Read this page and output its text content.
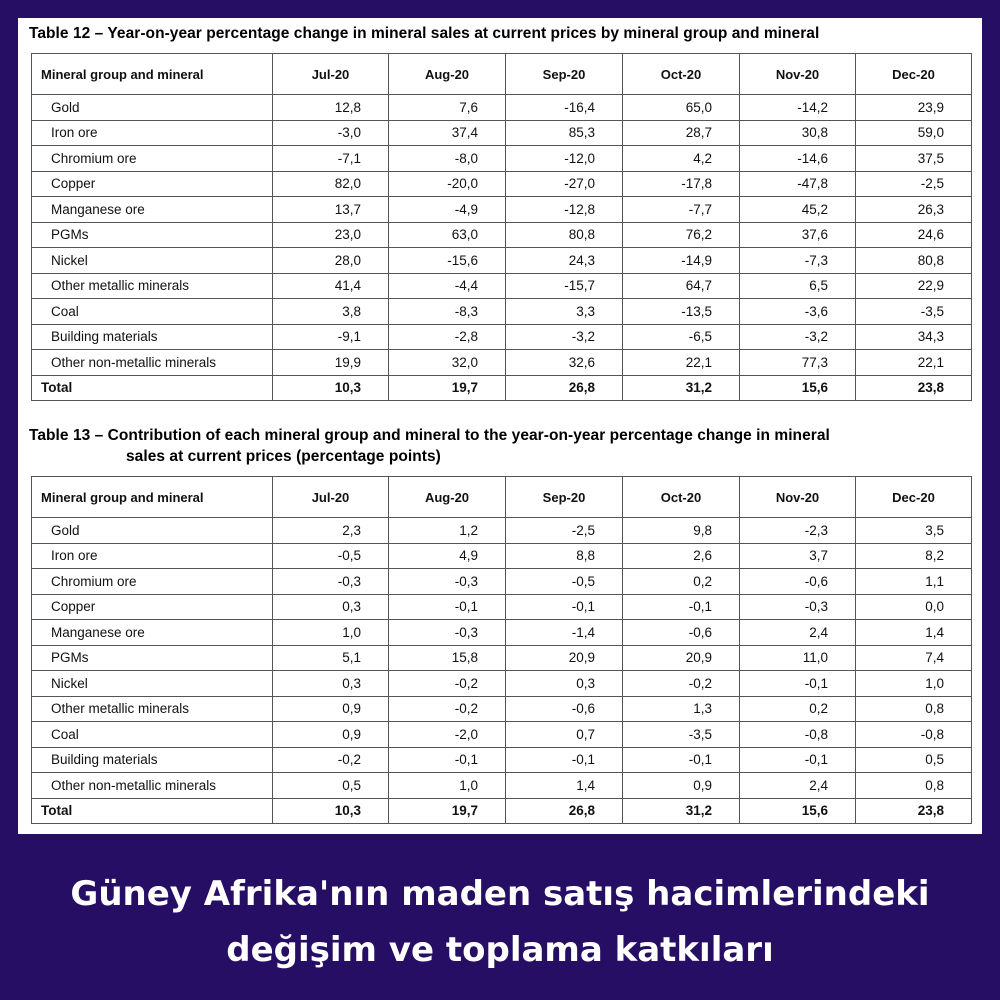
Table 12 – Year-on-year percentage change in mineral sales at current prices by mineral group and mineral
Mineral group and mineral	Jul-20	Aug-20	Sep-20	Oct-20	Nov-20	Dec-20
Gold	12,8	7,6	-16,4	65,0	-14,2	23,9
Iron ore	-3,0	37,4	85,3	28,7	30,8	59,0
Chromium ore	-7,1	-8,0	-12,0	4,2	-14,6	37,5
Copper	82,0	-20,0	-27,0	-17,8	-47,8	-2,5
Manganese ore	13,7	-4,9	-12,8	-7,7	45,2	26,3
PGMs	23,0	63,0	80,8	76,2	37,6	24,6
Nickel	28,0	-15,6	24,3	-14,9	-7,3	80,8
Other metallic minerals	41,4	-4,4	-15,7	64,7	6,5	22,9
Coal	3,8	-8,3	3,3	-13,5	-3,6	-3,5
Building materials	-9,1	-2,8	-3,2	-6,5	-3,2	34,3
Other non-metallic minerals	19,9	32,0	32,6	22,1	77,3	22,1
Total	10,3	19,7	26,8	31,2	15,6	23,8
Table 13 – Contribution of each mineral group and mineral to the year-on-year percentage change in mineral
sales at current prices (percentage points)
Mineral group and mineral	Jul-20	Aug-20	Sep-20	Oct-20	Nov-20	Dec-20
Gold	2,3	1,2	-2,5	9,8	-2,3	3,5
Iron ore	-0,5	4,9	8,8	2,6	3,7	8,2
Chromium ore	-0,3	-0,3	-0,5	0,2	-0,6	1,1
Copper	0,3	-0,1	-0,1	-0,1	-0,3	0,0
Manganese ore	1,0	-0,3	-1,4	-0,6	2,4	1,4
PGMs	5,1	15,8	20,9	20,9	11,0	7,4
Nickel	0,3	-0,2	0,3	-0,2	-0,1	1,0
Other metallic minerals	0,9	-0,2	-0,6	1,3	0,2	0,8
Coal	0,9	-2,0	0,7	-3,5	-0,8	-0,8
Building materials	-0,2	-0,1	-0,1	-0,1	-0,1	0,5
Other non-metallic minerals	0,5	1,0	1,4	0,9	2,4	0,8
Total	10,3	19,7	26,8	31,2	15,6	23,8
Güney Afrika'nın maden satış hacimlerindeki
değişim ve toplama katkıları
